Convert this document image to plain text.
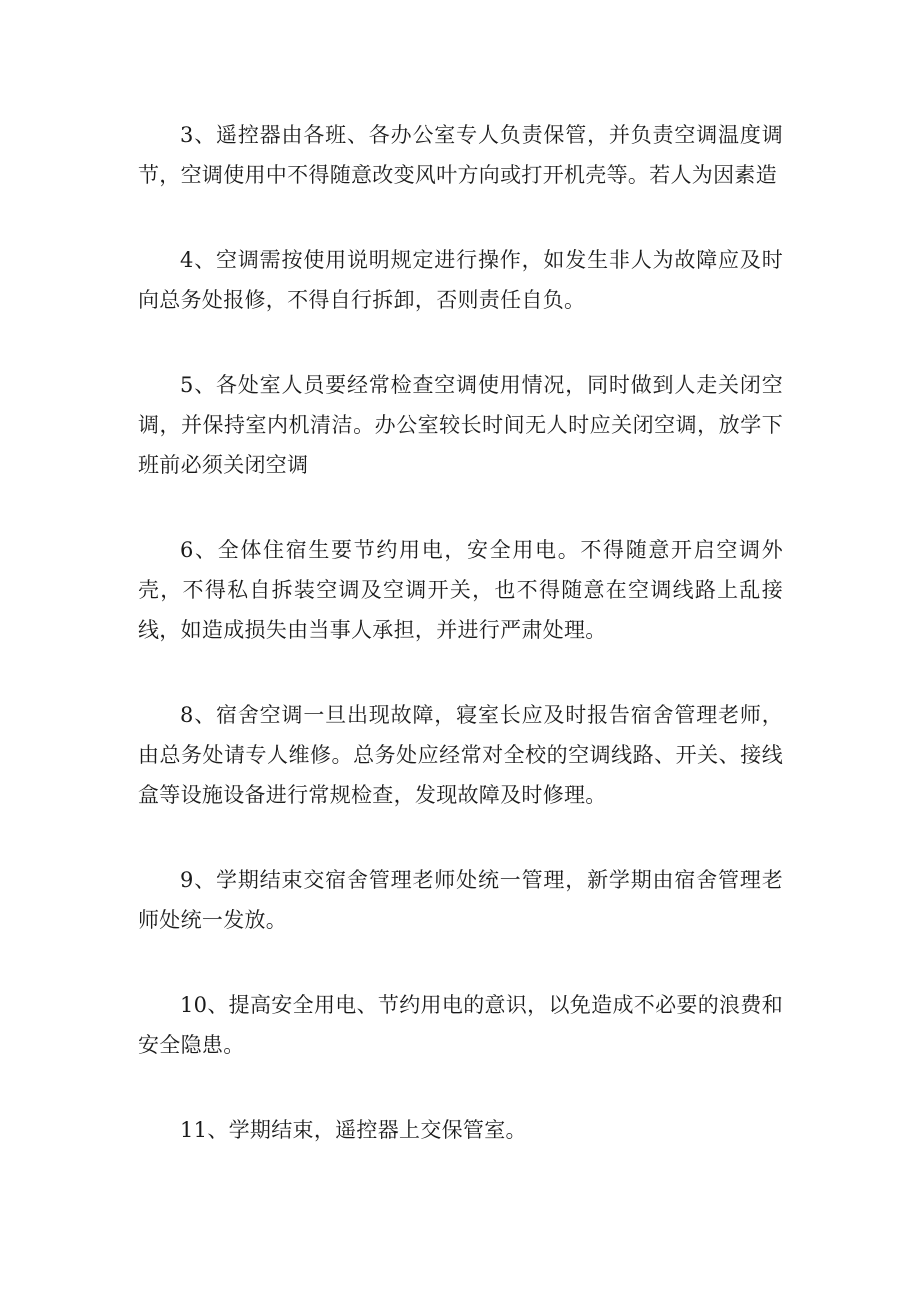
3、遥控器由各班、各办公室专人负责保管，并负责空调温度调节，空调使用中不得随意改变风叶方向或打开机壳等。若人为因素造

4、空调需按使用说明规定进行操作，如发生非人为故障应及时向总务处报修，不得自行拆卸，否则责任自负。

5、各处室人员要经常检查空调使用情况，同时做到人走关闭空调，并保持室内机清洁。办公室较长时间无人时应关闭空调，放学下班前必须关闭空调

6、全体住宿生要节约用电，安全用电。不得随意开启空调外壳，不得私自拆装空调及空调开关，也不得随意在空调线路上乱接线，如造成损失由当事人承担，并进行严肃处理。

8、宿舍空调一旦出现故障，寝室长应及时报告宿舍管理老师，由总务处请专人维修。总务处应经常对全校的空调线路、开关、接线盒等设施设备进行常规检查，发现故障及时修理。

9、学期结束交宿舍管理老师处统一管理，新学期由宿舍管理老师处统一发放。

10、提高安全用电、节约用电的意识，以免造成不必要的浪费和安全隐患。

11、学期结束，遥控器上交保管室。
